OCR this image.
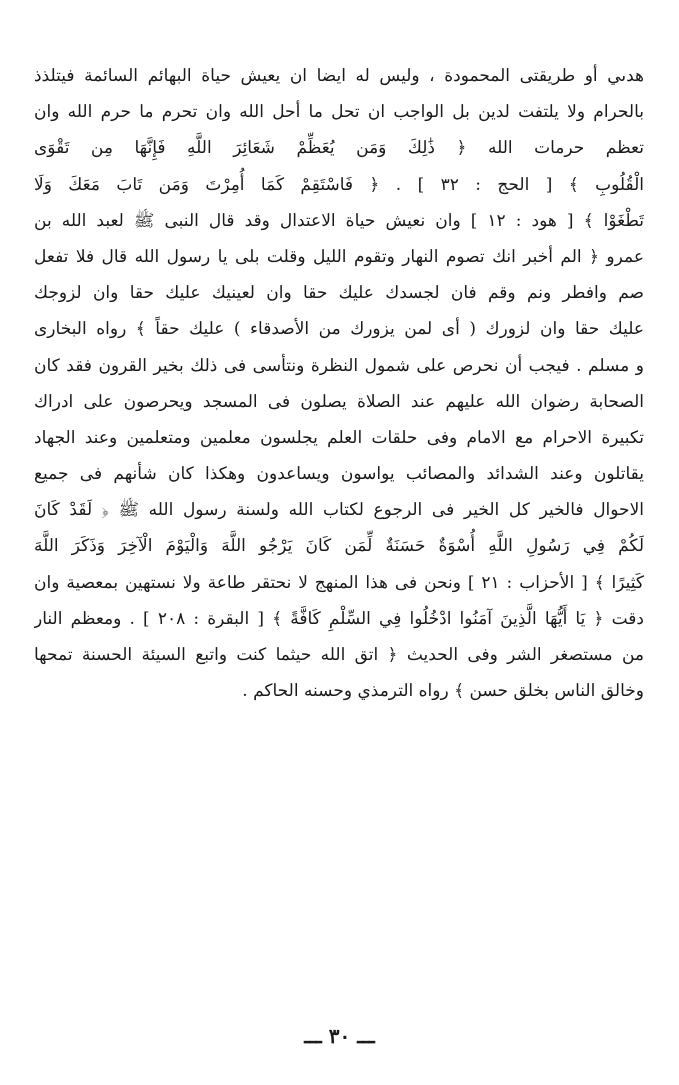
هدىي أو طريقتى المحمودة ، وليس له ايضا ان يعيش حياة البهائم السائمة فيتلذذ
بالحرام ولا يلتفت لدين بل الواجب ان تحل ما أحل الله وان تحرم ما حرم الله وان
تعظم حرمات الله ﴿ ذَٰلِكَ وَمَن يُعَظِّمْ شَعَائِرَ اللَّهِ فَإِنَّهَا مِن تَقْوَى
الْقُلُوبِ ﴾ [ الحج : ٣٢ ] . ﴿ فَاسْتَقِمْ كَمَا أُمِرْتَ وَمَن تَابَ مَعَكَ وَلَا
تَطْغَوْا ﴾ [ هود : ١٢ ] وان نعيش حياة الاعتدال وقد قال النبى ﷺ لعبد الله بن
عمرو ﴿ الم أخبر انك تصوم النهار وتقوم الليل وقلت بلى يا رسول الله قال فلا تفعل
صم وافطر ونم وقم فان لجسدك عليك حقا وان لعينيك عليك حقا وان لزوجك
عليك حقا وان لزورك ( أى لمن يزورك من الأصدقاء ) عليك حقاً ﴾ رواه البخارى
و مسلم . فيجب أن نحرص على شمول النظرة ونتأسى فى ذلك بخير القرون فقد كان
الصحابة رضوان الله عليهم عند الصلاة يصلون فى المسجد ويحرصون على ادراك
تكبيرة الاحرام مع الامام وفى حلقات العلم يجلسون معلمين ومتعلمين وعند الجهاد
يقاتلون وعند الشدائد والمصائب يواسون ويساعدون وهكذا كان شأنهم فى جميع
الاحوال فالخير كل الخير فى الرجوع لكتاب الله ولسنة رسول الله ﷺ ﴿ لَقَدْ كَانَ
لَكُمْ فِي رَسُولِ اللَّهِ أُسْوَةٌ حَسَنَةٌ لِّمَن كَانَ يَرْجُو اللَّهَ وَالْيَوْمَ الْآخِرَ وَذَكَرَ اللَّهَ
كَثِيرًا ﴾ [ الأحزاب : ٢١ ] ونحن فى هذا المنهج لا نحتقر طاعة ولا نستهين بمعصية وان
دقت ﴿ يَا أَيُّهَا الَّذِينَ آمَنُوا ادْخُلُوا فِي السِّلْمِ كَافَّةً ﴾ [ البقرة : ٢٠٨ ] . ومعظم النار
من مستصغر الشر وفى الحديث ﴿ اتق الله حيثما كنت واتبع السيئة الحسنة تمحها
وخالق الناس بخلق حسن ﴾ رواه الترمذي وحسنه الحاكم .
ـــ ٣٠ ـــ
